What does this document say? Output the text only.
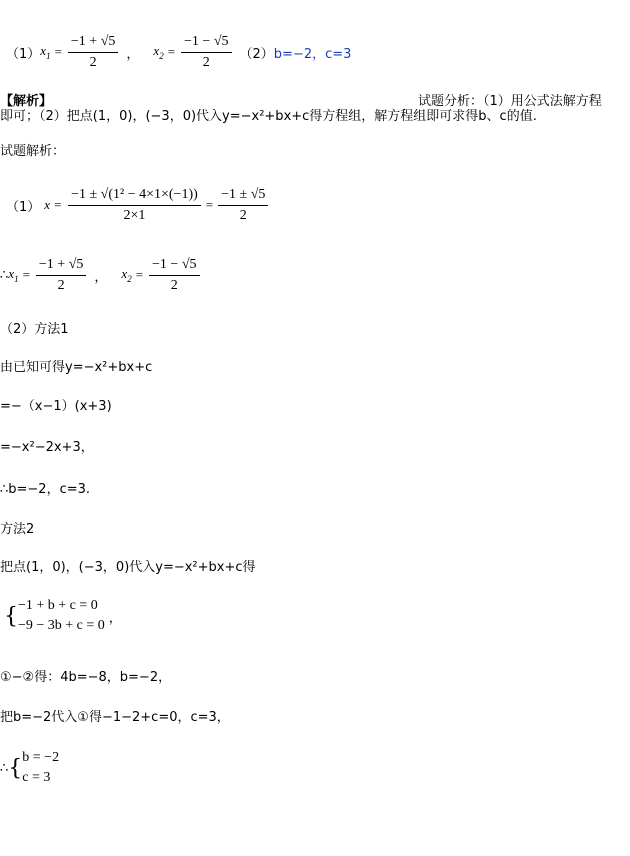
（1） $x_1 = \frac{-1 + √5}{2}$ ， $x_2 = \frac{-1 - √5}{2} (2)$ b=−2，c=3
【解析】	试题分析：（1）用公式法解方程
即可；（2）把点(1，0)，(−3，0)代入y=−x²+bx+c得方程组，解方程组即可求得b、c的值.
试题解析：
（1） $x = \frac{\text{−1 ± √(1² − 4×1×(−1))}}{2\times 1} = \frac{-1 \pm √5}{2}$
∴ $x_1 = \frac{-1 + √5}{2}$ ， $x_2 = \frac{-1 - √5}{2}$
（2）方法1
由已知可得y=−x²+bx+c
=−（x−1）(x+3)
=−x²−2x+3，
∴b=−2，c=3.
方法2
把点(1，0)，(−3，0)代入y=−x²+bx+c得
{ −1 + b + c = 0
−9 − 3b + c = 0 ，
①−②得：4b=−8，b=−2，
把b=−2代入①得−1−2+c=0，c=3，
∴ { b = −2
c = 3
